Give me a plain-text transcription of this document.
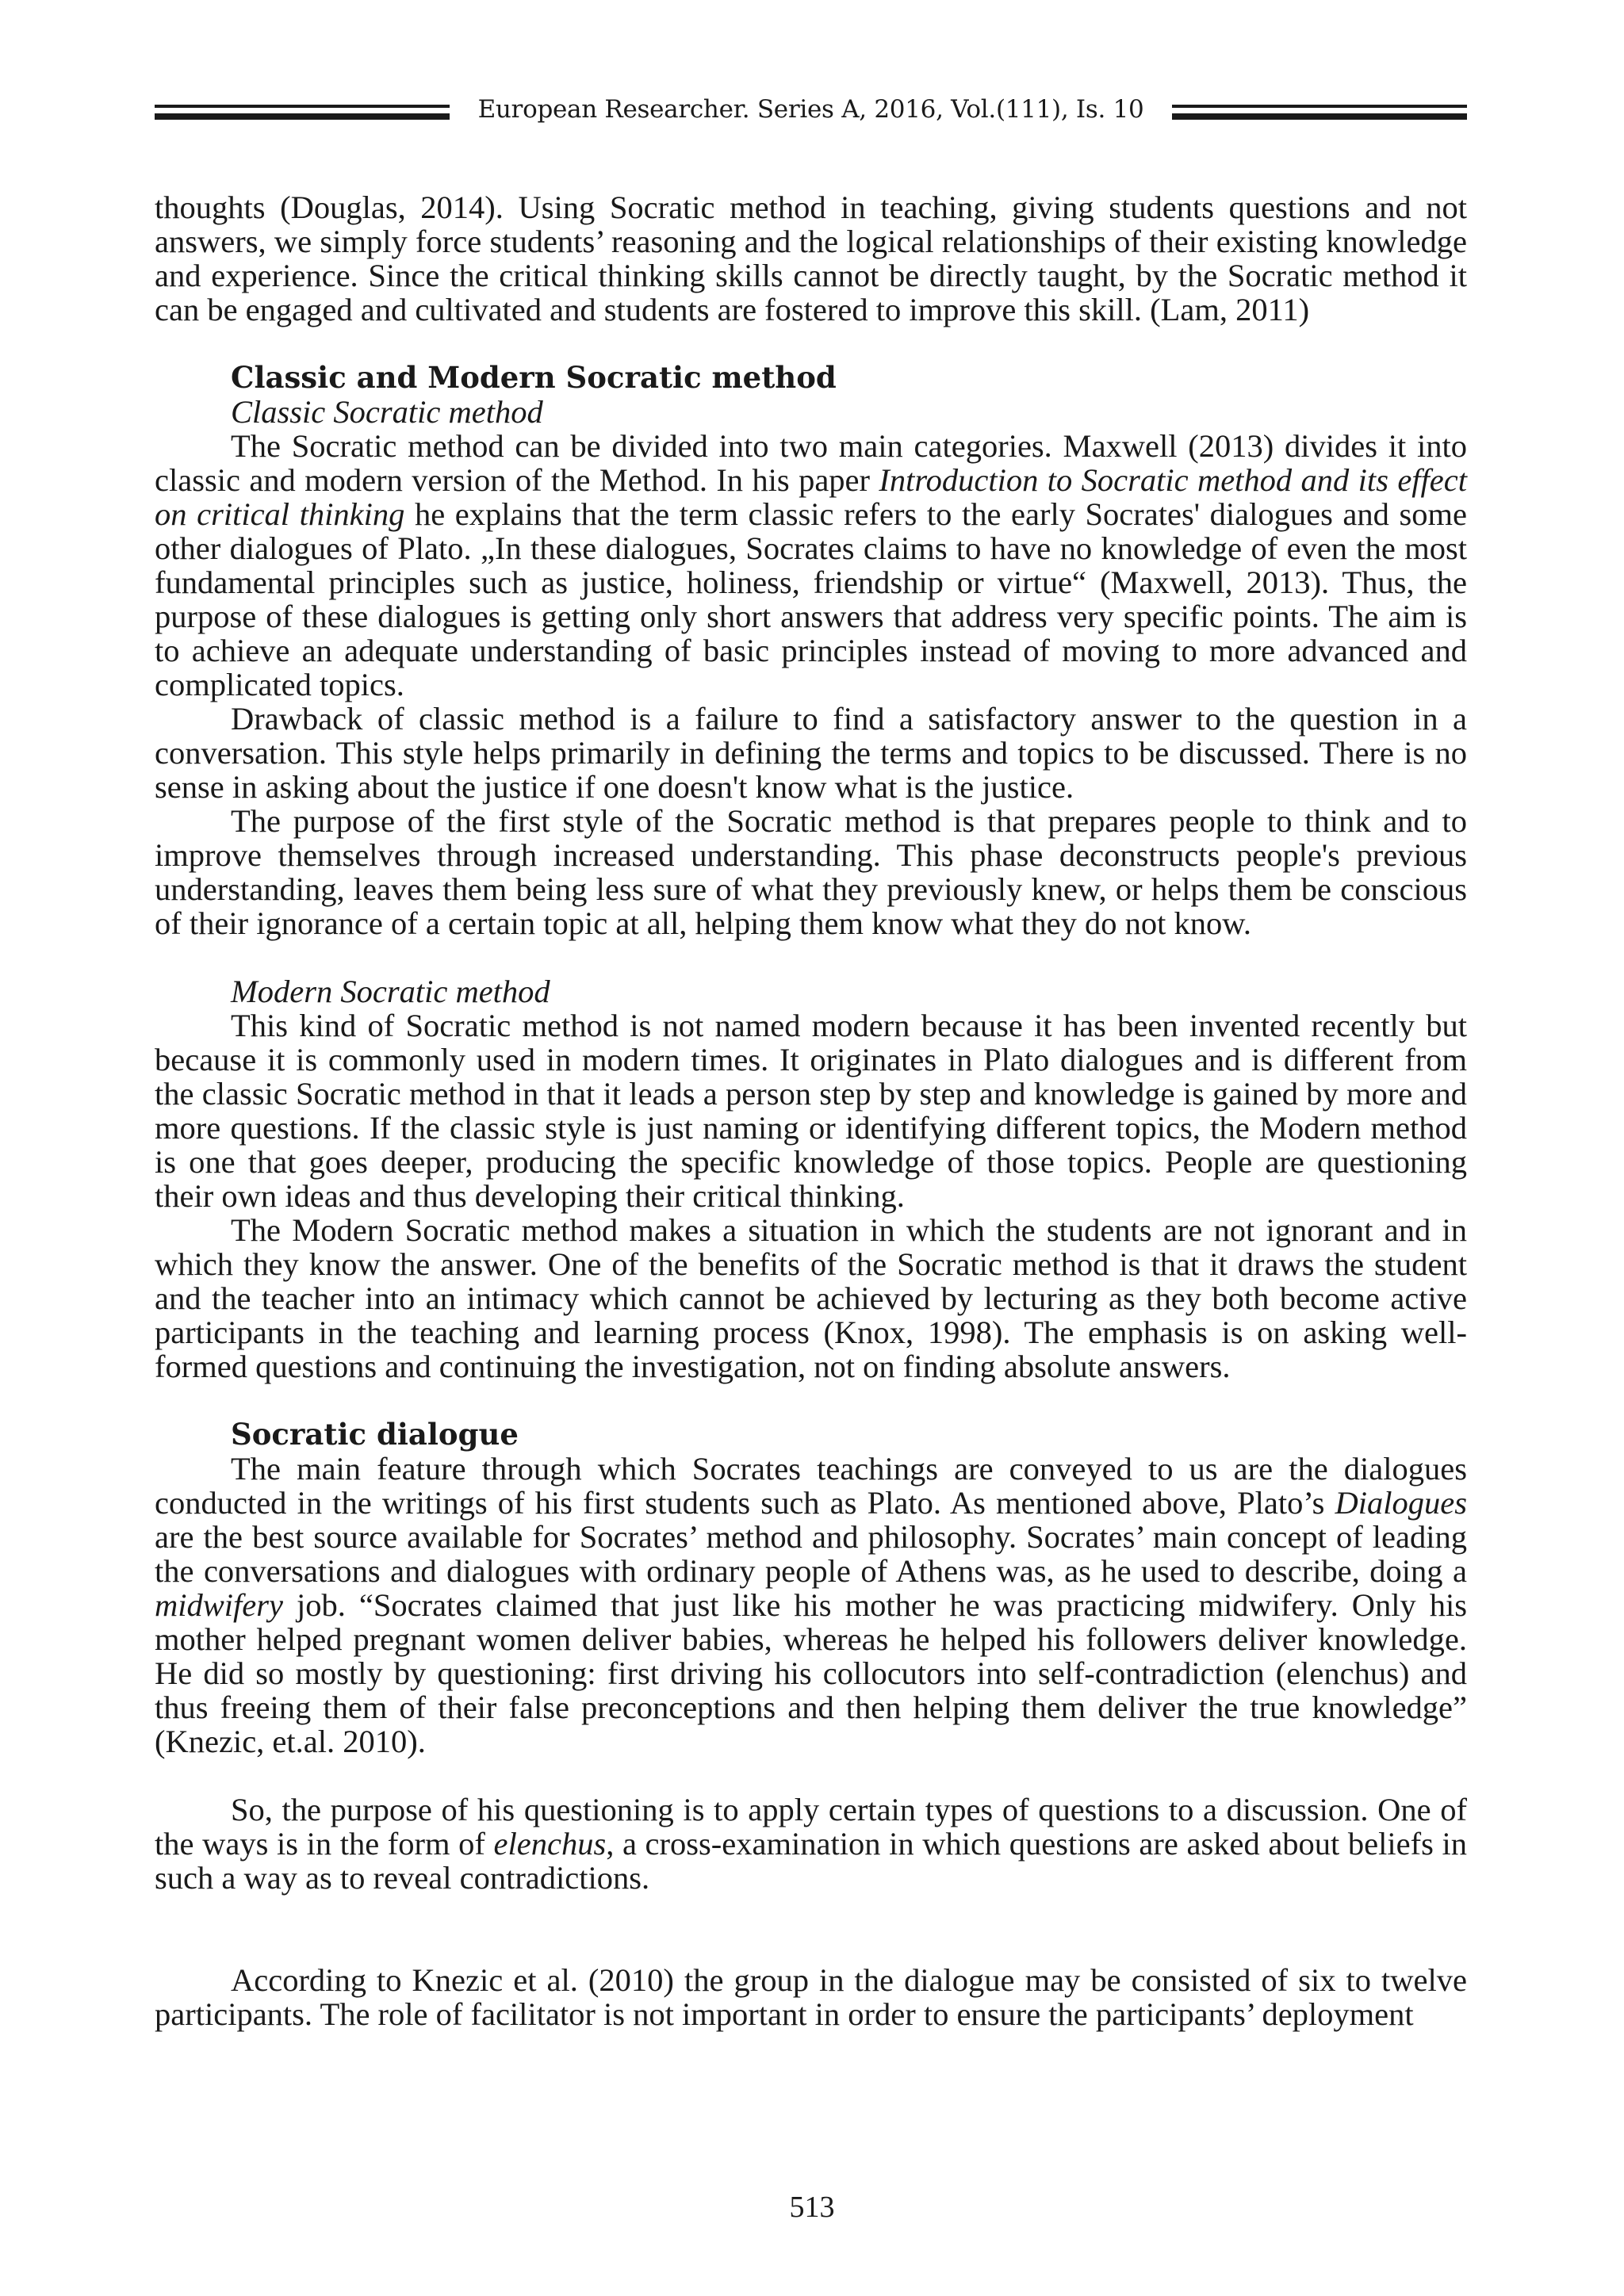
European Researcher. Series A, 2016, Vol.(111), Is. 10

thoughts (Douglas, 2014). Using Socratic method in teaching, giving students questions and not answers, we simply force students’ reasoning and the logical relationships of their existing knowledge and experience. Since the critical thinking skills cannot be directly taught, by the Socratic method it can be engaged and cultivated and students are fostered to improve this skill. (Lam, 2011)

Classic and Modern Socratic method
Classic Socratic method

The Socratic method can be divided into two main categories. Maxwell (2013) divides it into classic and modern version of the Method. In his paper Introduction to Socratic method and its effect on critical thinking he explains that the term classic refers to the early Socrates' dialogues and some other dialogues of Plato. „In these dialogues, Socrates claims to have no knowledge of even the most fundamental principles such as justice, holiness, friendship or virtue“ (Maxwell, 2013). Thus, the purpose of these dialogues is getting only short answers that address very specific points. The aim is to achieve an adequate understanding of basic principles instead of moving to more advanced and complicated topics.

Drawback of classic method is a failure to find a satisfactory answer to the question in a conversation. This style helps primarily in defining the terms and topics to be discussed. There is no sense in asking about the justice if one doesn't know what is the justice.

The purpose of the first style of the Socratic method is that prepares people to think and to improve themselves through increased understanding. This phase deconstructs people's previous understanding, leaves them being less sure of what they previously knew, or helps them be conscious of their ignorance of a certain topic at all, helping them know what they do not know.

Modern Socratic method

This kind of Socratic method is not named modern because it has been invented recently but because it is commonly used in modern times. It originates in Plato dialogues and is different from the classic Socratic method in that it leads a person step by step and knowledge is gained by more and more questions. If the classic style is just naming or identifying different topics, the Modern method is one that goes deeper, producing the specific knowledge of those topics. People are questioning their own ideas and thus developing their critical thinking.

The Modern Socratic method makes a situation in which the students are not ignorant and in which they know the answer. One of the benefits of the Socratic method is that it draws the student and the teacher into an intimacy which cannot be achieved by lecturing as they both become active participants in the teaching and learning process (Knox, 1998). The emphasis is on asking well-formed questions and continuing the investigation, not on finding absolute answers.

Socratic dialogue

The main feature through which Socrates teachings are conveyed to us are the dialogues conducted in the writings of his first students such as Plato. As mentioned above, Plato’s Dialogues are the best source available for Socrates’ method and philosophy. Socrates’ main concept of leading the conversations and dialogues with ordinary people of Athens was, as he used to describe, doing a midwifery job. “Socrates claimed that just like his mother he was practicing midwifery. Only his mother helped pregnant women deliver babies, whereas he helped his followers deliver knowledge. He did so mostly by questioning: first driving his collocutors into self-contradiction (elenchus) and thus freeing them of their false preconceptions and then helping them deliver the true knowledge” (Knezic, et.al. 2010).

So, the purpose of his questioning is to apply certain types of questions to a discussion. One of the ways is in the form of elenchus, a cross-examination in which questions are asked about beliefs in such a way as to reveal contradictions.

According to Knezic et al. (2010) the group in the dialogue may be consisted of six to twelve participants. The role of facilitator is not important in order to ensure the participants’ deployment

513
